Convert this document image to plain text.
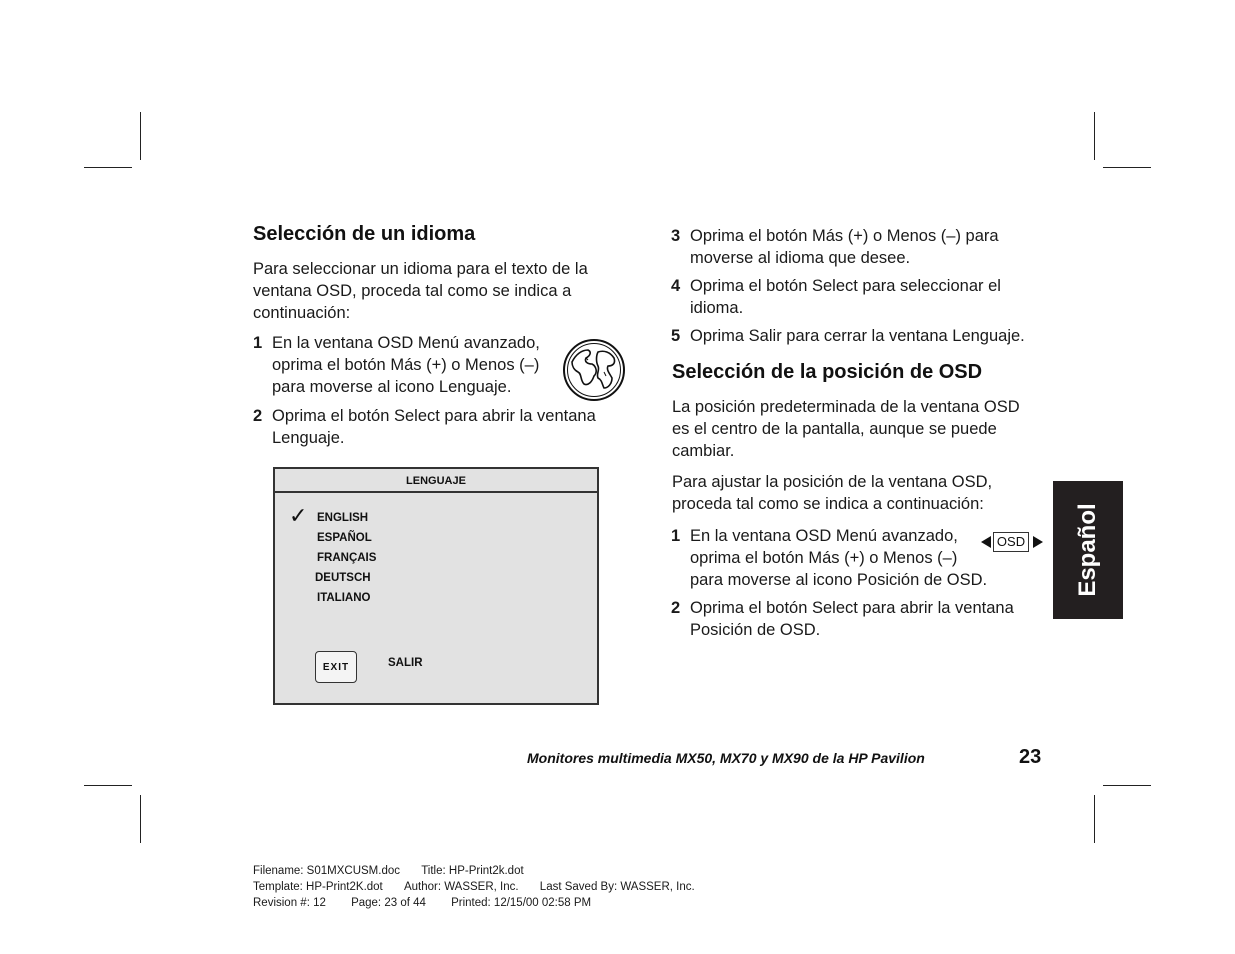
Selección de un idioma
Para seleccionar un idioma para el texto de la
ventana OSD, proceda tal como se indica a
continuación:
1 En la ventana OSD Menú avanzado,
oprima el botón Más (+) o Menos (–)
para moverse al icono Lenguaje.
2 Oprima el botón Select para abrir la ventana
Lenguaje.
LENGUAJE
✓ ENGLISH
ESPAÑOL
FRANÇAIS
DEUTSCH
ITALIANO
EXIT	SALIR
3 Oprima el botón Más (+) o Menos (–) para
moverse al idioma que desee.
4 Oprima el botón Select para seleccionar el
idioma.
5 Oprima Salir para cerrar la ventana Lenguaje.
Selección de la posición de OSD
La posición predeterminada de la ventana OSD
es el centro de la pantalla, aunque se puede
cambiar.
Para ajustar la posición de la ventana OSD,
proceda tal como se indica a continuación:
1 En la ventana OSD Menú avanzado,
oprima el botón Más (+) o Menos (–)
para moverse al icono Posición de OSD.
OSD
2 Oprima el botón Select para abrir la ventana
Posición de OSD.
Español
Monitores multimedia MX50, MX70 y MX90 de la HP Pavilion	23
Filename: S01MXCUSM.doc Title: HP-Print2k.dot
Template: HP-Print2K.dot Author: WASSER, Inc. Last Saved By: WASSER, Inc.
Revision #: 12 Page: 23 of 44 Printed: 12/15/00 02:58 PM
